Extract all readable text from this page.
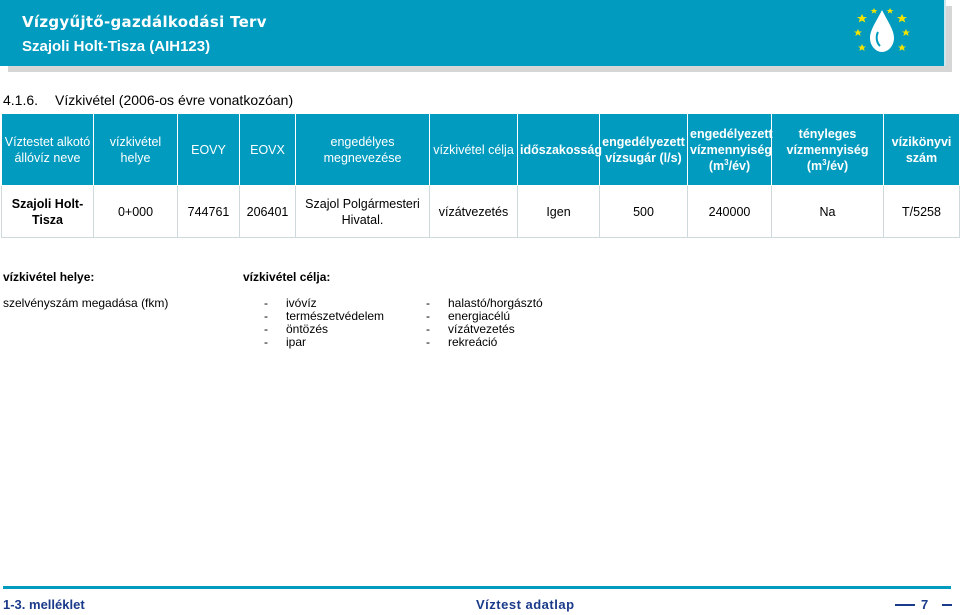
Vízgyűjtő-gazdálkodási Terv
Szajoli Holt-Tisza (AIH123)
4.1.6. Vízkivétel (2006-os évre vonatkozóan)
Víztestet alkotó állóvíz neve	vízkivétel helye	EOVY	EOVX	engedélyes megnevezése	vízkivétel célja	időszakosság	engedélyezett vízsugár (l/s)	engedélyezett vízmennyiség $(m^3/év)$	tényleges vízmennyiség $(m^3/év)$	vízikönyvi szám
Szajoli Holt-Tisza	0+000	744761	206401	Szajol Polgármesteri Hivatal.	vízátvezetés	Igen	500	240000	Na	T/5258
vízkivétel helye:	vízkivétel célja:
szelvényszám megadása (fkm)	- ivóvíz
- természetvédelem
- öntözés
- ipar
- halastó/horgásztó
- energiacélú
- vízátvezetés
- rekreáció
1-3. melléklet	Víztest adatlap	7
